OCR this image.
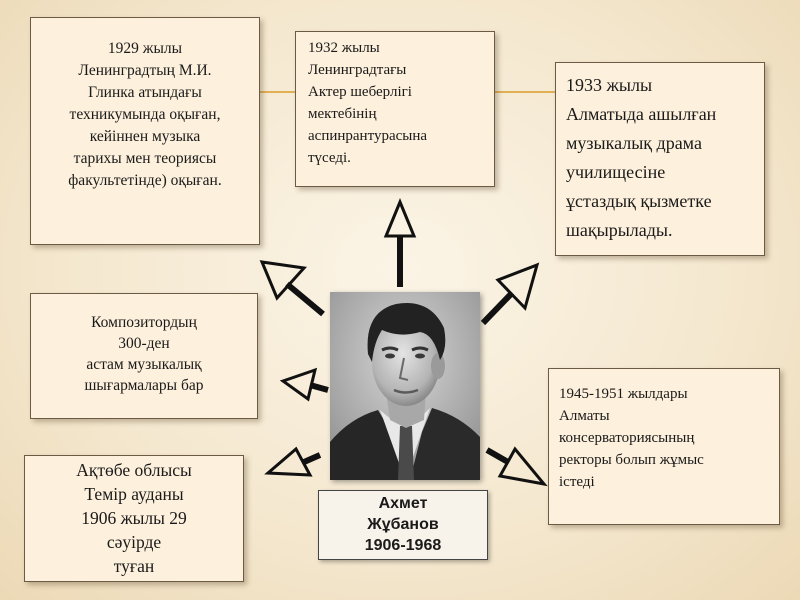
1929 жылы
Ленинградтың М.И.
Глинка атындағы
техникумында оқыған,
кейіннен музыка
тарихы мен теориясы
факультетінде) оқыған.
1932 жылы
Ленинградтағы
Актер шеберлігі
мектебінің
аспинрантурасына
түседі.
1933 жылы
Алматыда ашылған
музыкалық драма
училищесіне
ұстаздық қызметке
шақырылады.
Композитордың
300-ден
астам музыкалық
шығармалары бар	1945-1951 жылдары
Алматы
консерваториясының
ректоры болып жұмыс
істеді
Ақтөбе облысы
Темір ауданы
1906 жылы 29
сәуірде
туған
Ахмет
Жұбанов
1906-1968
